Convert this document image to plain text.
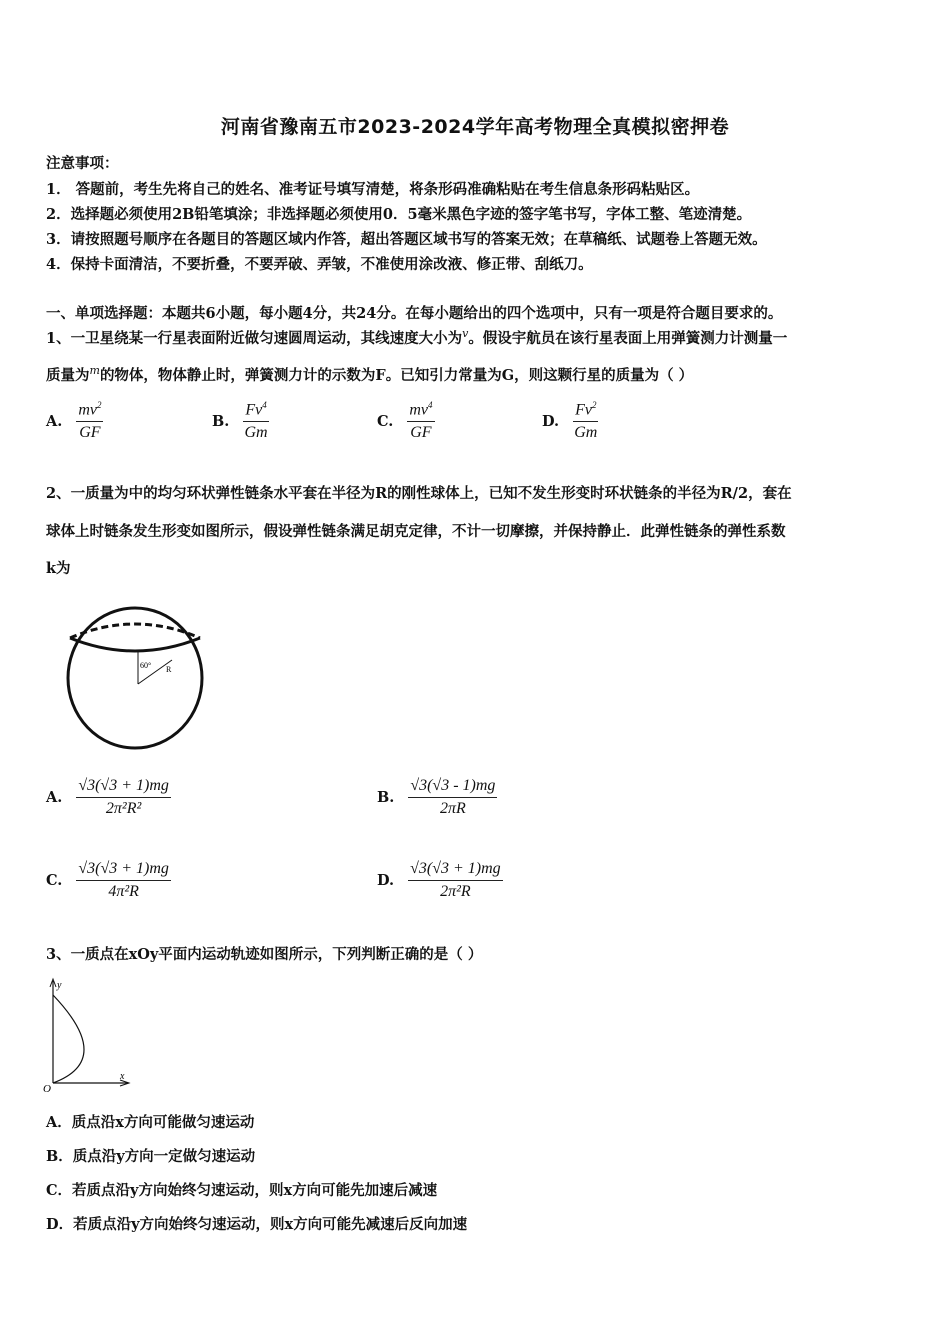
河南省豫南五市2023-2024学年高考物理全真模拟密押卷
注意事项：
1． 答题前，考生先将自己的姓名、准考证号填写清楚，将条形码准确粘贴在考生信息条形码粘贴区。
2．选择题必须使用2B铅笔填涂；非选择题必须使用0．5毫米黑色字迹的签字笔书写，字体工整、笔迹清楚。
3．请按照题号顺序在各题目的答题区域内作答，超出答题区域书写的答案无效；在草稿纸、试题卷上答题无效。
4．保持卡面清洁，不要折叠，不要弄破、弄皱，不准使用涂改液、修正带、刮纸刀。
一、单项选择题：本题共6小题，每小题4分，共24分。在每小题给出的四个选项中，只有一项是符合题目要求的。
1、一卫星绕某一行星表面附近做匀速圆周运动，其线速度大小为$^v$。假设宇航员在该行星表面上用弹簧测力计测量一
质量为$^m$的物体，物体静止时，弹簧测力计的示数为F。已知引力常量为G，则这颗行星的质量为（ ）
A. $\frac{mv^2}{GF}$	B. $\frac{Fv^4}{Gm}$	C. $\frac{mv^4}{GF}$	D. $\frac{Fv^2}{Gm}$
2、一质量为中的均匀环状弹性链条水平套在半径为R的刚性球体上，已知不发生形变时环状链条的半径为R/2，套在
球体上时链条发生形变如图所示，假设弹性链条满足胡克定律，不计一切摩擦，并保持静止．此弹性链条的弹性系数
k为
60° R
A. $\frac{√3(√3 + 1)mg}{\text{2π²R²}}$	B. $\frac{√3(√3 - 1)mg}{2\pi R}$
C. $\frac{√3(√3 + 1)mg}{\text{4π²R}}$	D. $\frac{√3(√3 + 1)mg}{\text{2π²R}}$
3、一质点在xOy平面内运动轨迹如图所示，下列判断正确的是（ ）
y
x
O
A．质点沿x方向可能做匀速运动
B．质点沿y方向一定做匀速运动
C．若质点沿y方向始终匀速运动，则x方向可能先加速后减速
D．若质点沿y方向始终匀速运动，则x方向可能先减速后反向加速
